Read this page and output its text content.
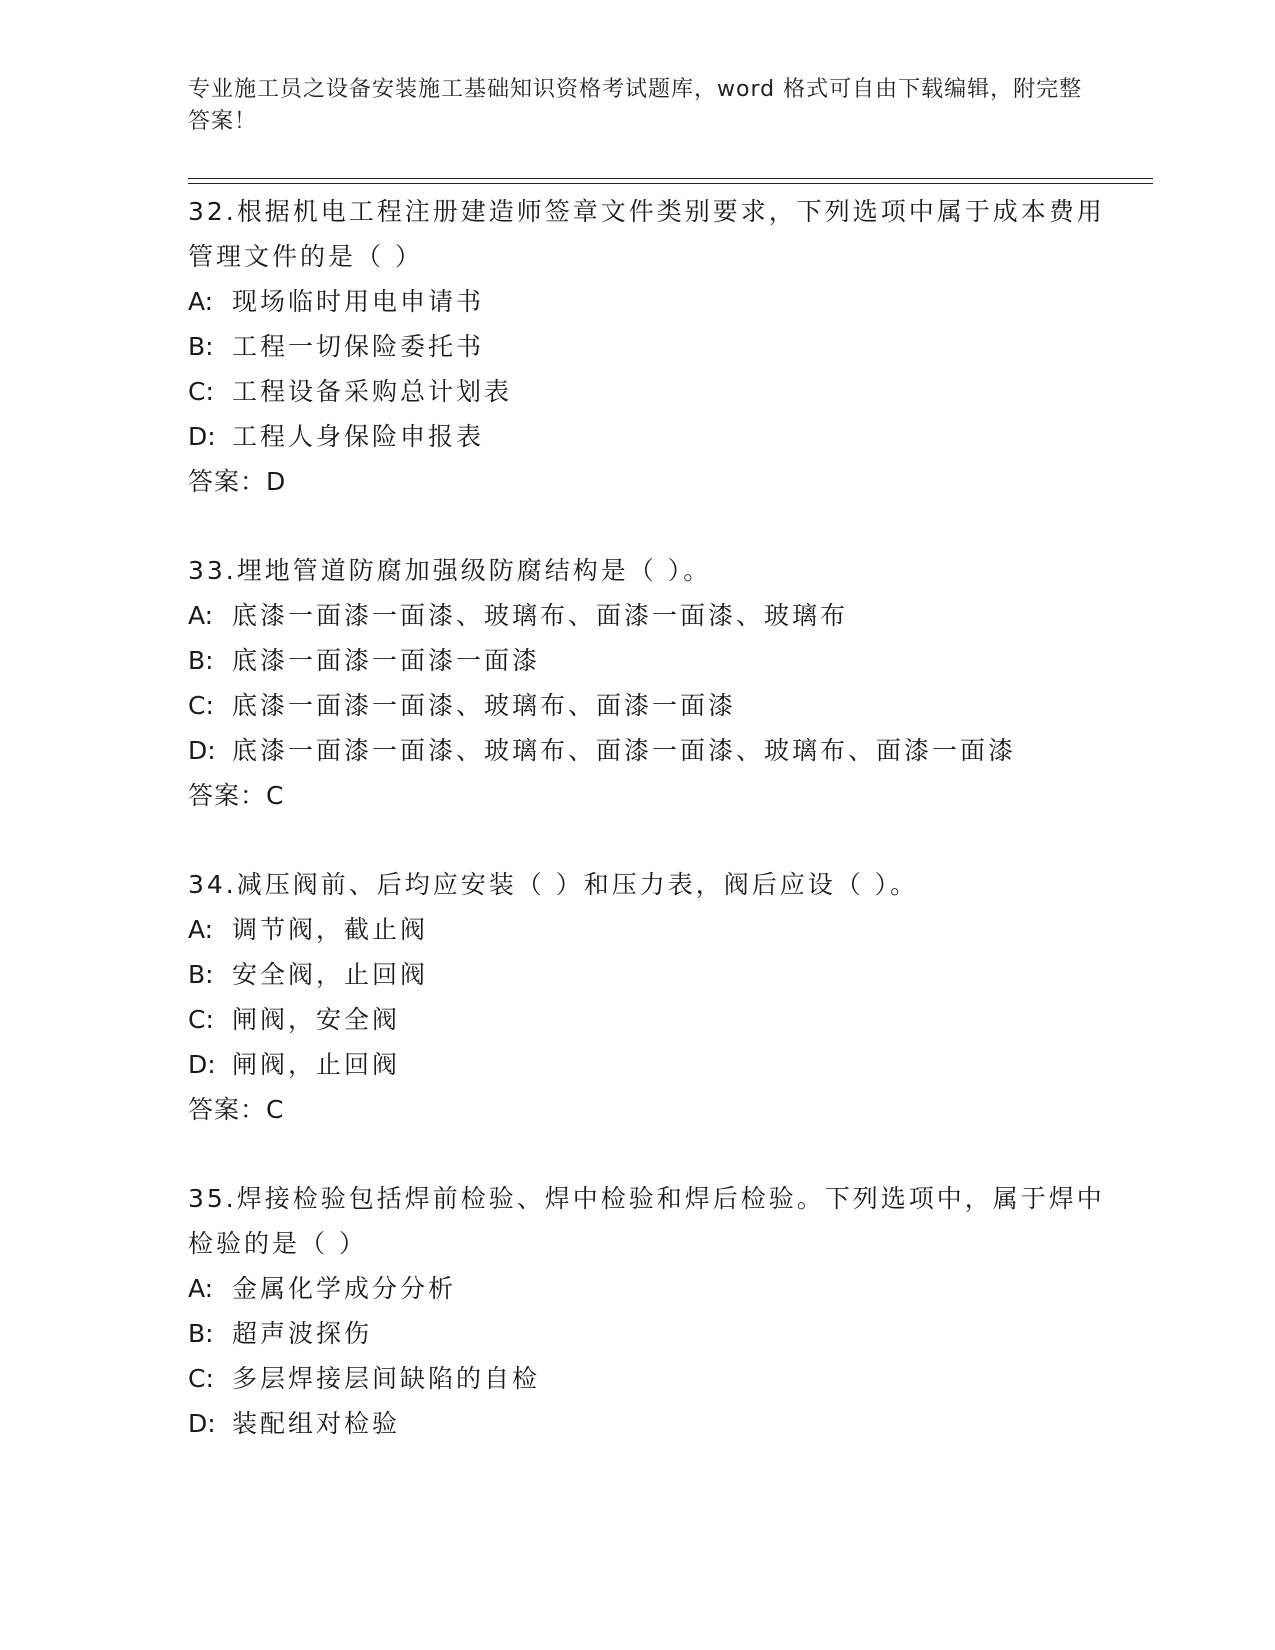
专业施工员之设备安装施工基础知识资格考试题库，word 格式可自由下载编辑，附完整答案！
32.根据机电工程注册建造师签章文件类别要求，下列选项中属于成本费用管理文件的是（ ）
A: 现场临时用电申请书
B: 工程一切保险委托书
C: 工程设备采购总计划表
D: 工程人身保险申报表
答案：D
33.埋地管道防腐加强级防腐结构是（ ）。
A: 底漆一面漆一面漆、玻璃布、面漆一面漆、玻璃布
B: 底漆一面漆一面漆一面漆
C: 底漆一面漆一面漆、玻璃布、面漆一面漆
D: 底漆一面漆一面漆、玻璃布、面漆一面漆、玻璃布、面漆一面漆
答案：C
34.减压阀前、后均应安装（ ）和压力表，阀后应设（ ）。
A: 调节阀，截止阀
B: 安全阀，止回阀
C: 闸阀，安全阀
D: 闸阀，止回阀
答案：C
35.焊接检验包括焊前检验、焊中检验和焊后检验。下列选项中，属于焊中检验的是（ ）
A: 金属化学成分分析
B: 超声波探伤
C: 多层焊接层间缺陷的自检
D: 装配组对检验
